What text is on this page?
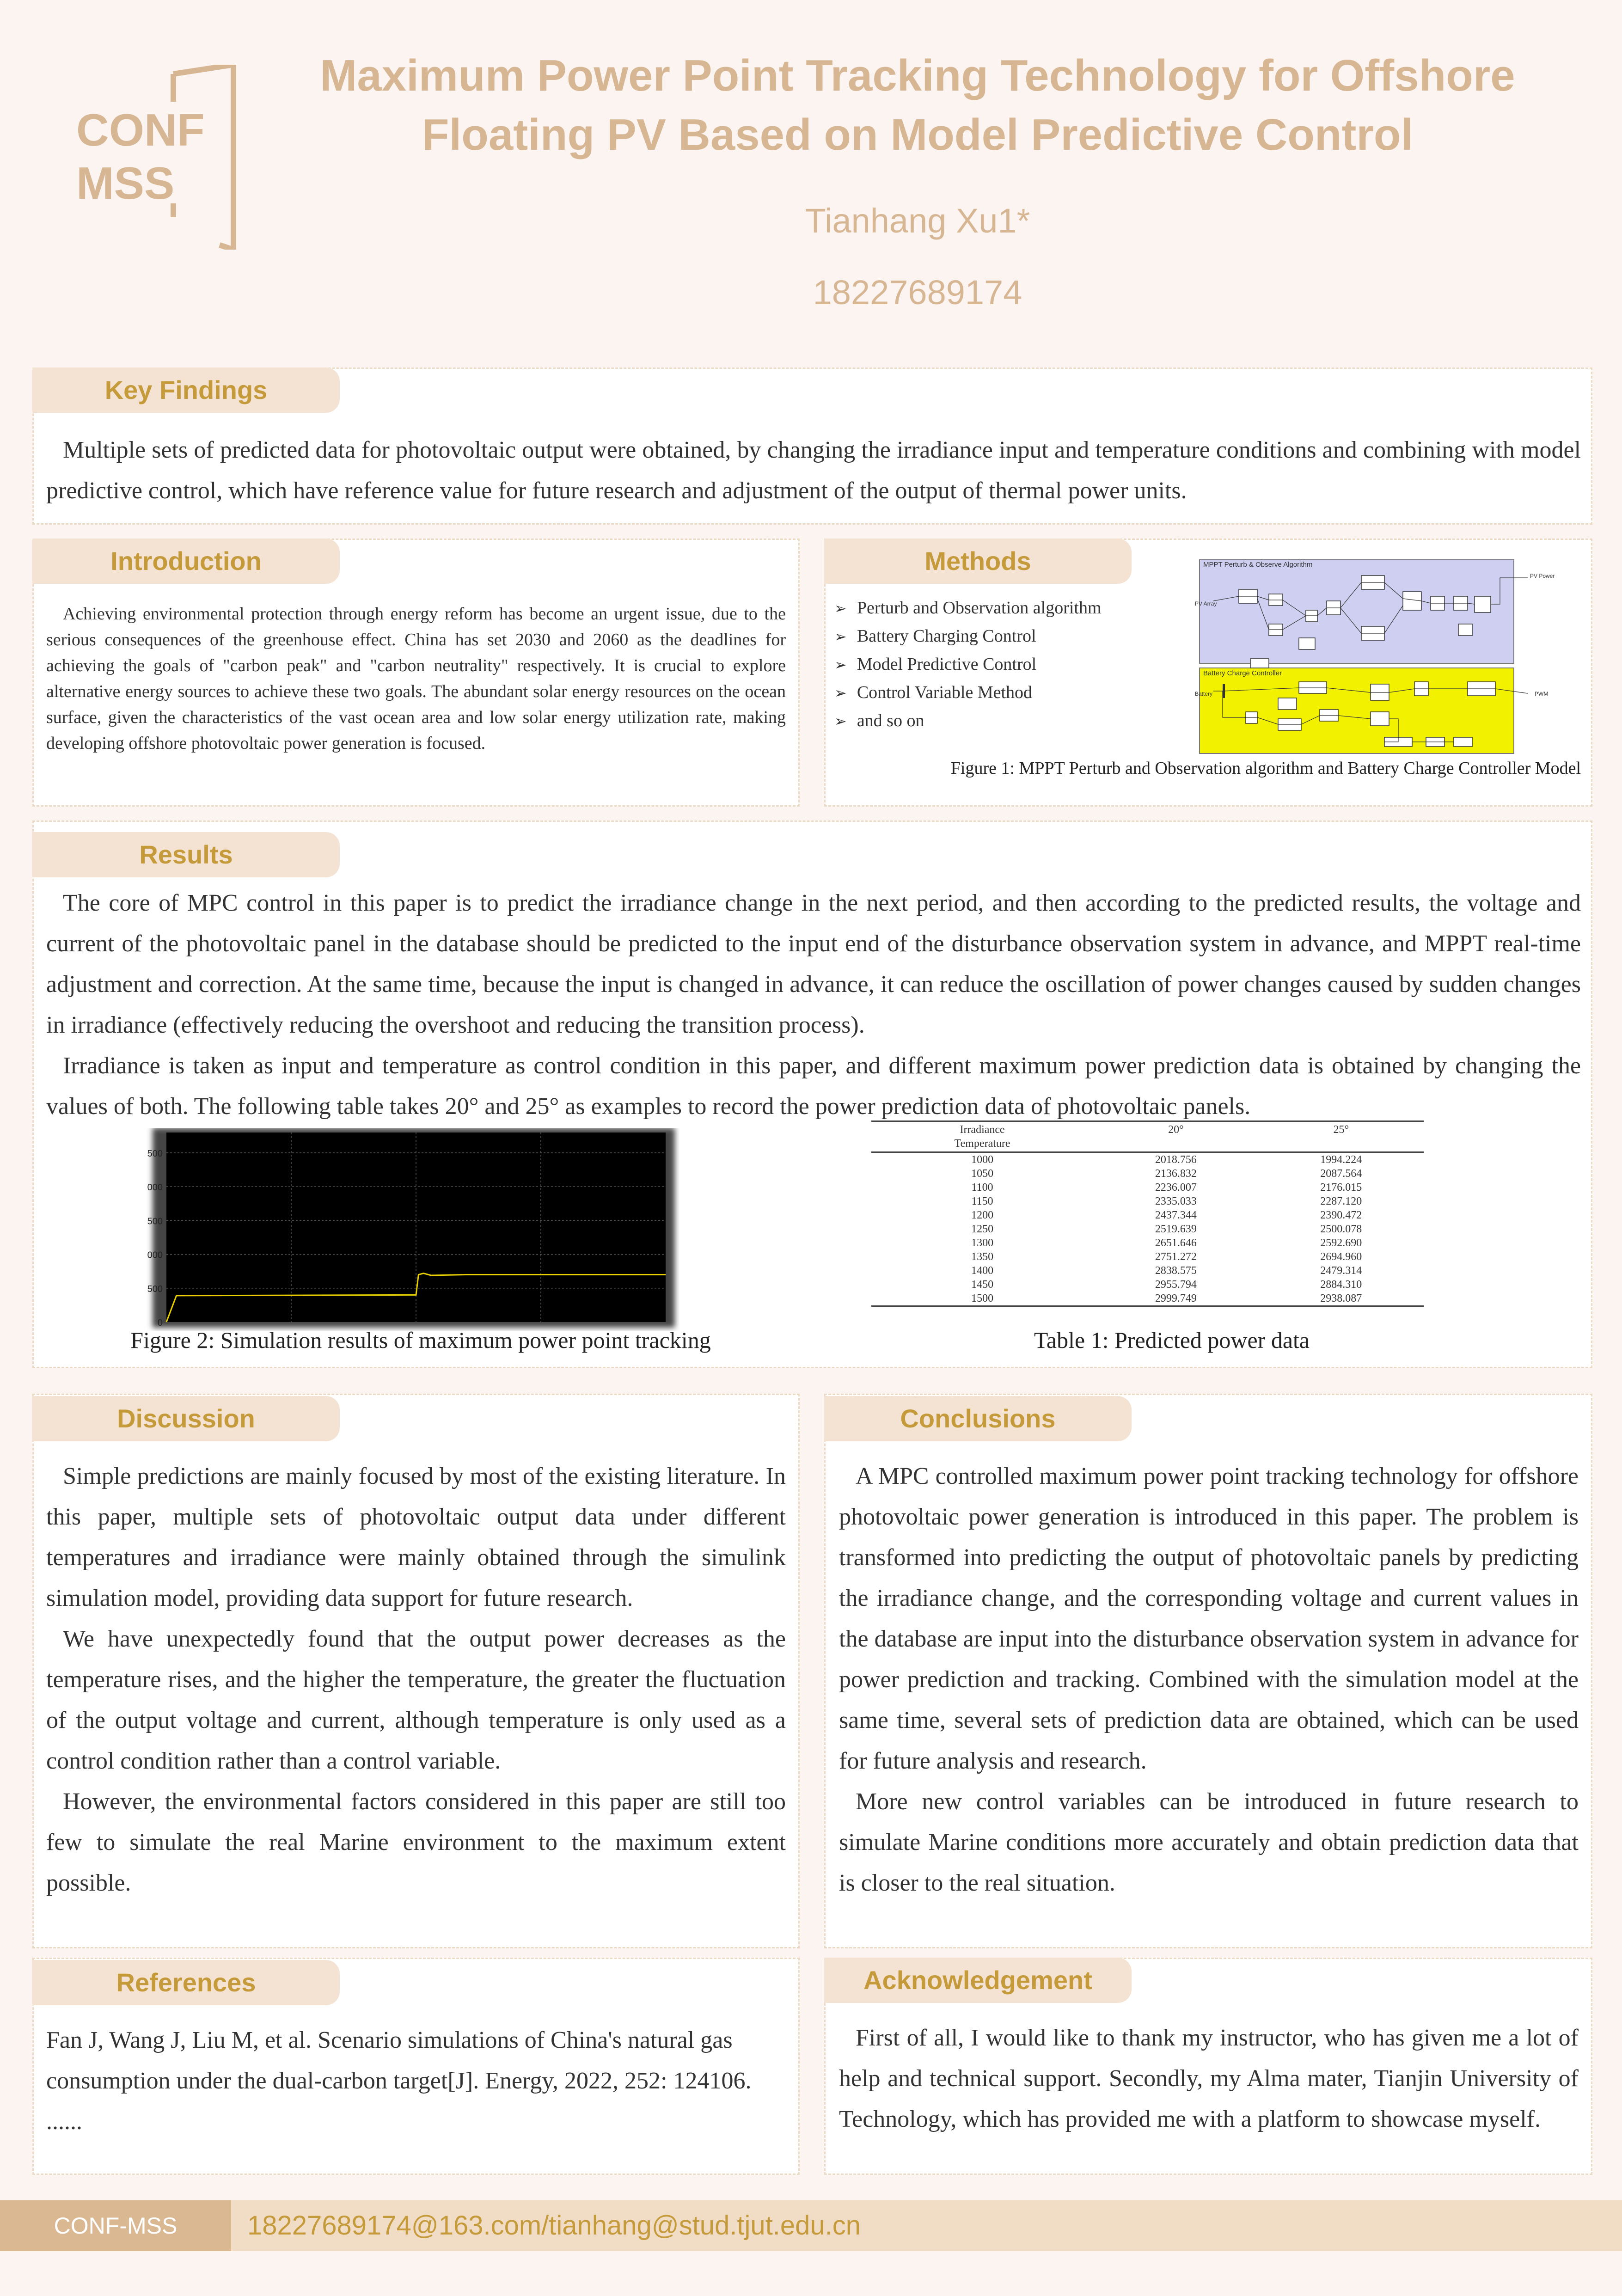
CONF
MSS
Maximum Power Point Tracking Technology for Offshore
Floating PV Based on Model Predictive Control
Tianhang Xu1*
18227689174
Key Findings

Multiple sets of predicted data for photovoltaic output were obtained, by changing the irradiance input and temperature conditions and combining with model predictive control, which have reference value for future research and adjustment of the output of thermal power units.

Introduction

Achieving environmental protection through energy reform has become an urgent issue, due to the serious consequences of the greenhouse effect. China has set 2030 and 2060 as the deadlines for achieving the goals of "carbon peak" and "carbon neutrality" respectively. It is crucial to explore alternative energy sources to achieve these two goals. The abundant solar energy resources on the ocean surface, given the characteristics of the vast ocean area and low solar energy utilization rate, making developing offshore photovoltaic power generation is focused.

Methods
➢ Perturb and Observation algorithm
➢ Battery Charging Control
➢ Model Predictive Control
➢ Control Variable Method
➢ and so on
MPPT Perturb & Observe Algorithm
Battery Charge Controller
PV Array
PV Power
Battery	PWM
Figure 1: MPPT Perturb and Observation algorithm and Battery Charge Controller Model
Results

The core of MPC control in this paper is to predict the irradiance change in the next period, and then according to the predicted results, the voltage and current of the photovoltaic panel in the database should be predicted to the input end of the disturbance observation system in advance, and MPPT real-time adjustment and correction. At the same time, because the input is changed in advance, it can reduce the oscillation of power changes caused by sudden changes in irradiance (effectively reducing the overshoot and reducing the transition process).

Irradiance is taken as input and temperature as control condition in this paper, and different maximum power prediction data is obtained by changing the values of both. The following table takes 20° and 25° as examples to record the power prediction data of photovoltaic panels.

0
500
000
500
000
500
Figure 2: Simulation results of maximum power point tracking
Irradiance
Temperature	20°	25°
1000	2018.756	1994.224
1050	2136.832	2087.564
1100	2236.007	2176.015
1150	2335.033	2287.120
1200	2437.344	2390.472
1250	2519.639	2500.078
1300	2651.646	2592.690
1350	2751.272	2694.960
1400	2838.575	2479.314
1450	2955.794	2884.310
1500	2999.749	2938.087
Table 1: Predicted power data
Discussion

Simple predictions are mainly focused by most of the existing literature. In this paper, multiple sets of photovoltaic output data under different temperatures and irradiance were mainly obtained through the simulink simulation model, providing data support for future research.

We have unexpectedly found that the output power decreases as the temperature rises, and the higher the temperature, the greater the fluctuation of the output voltage and current, although temperature is only used as a control condition rather than a control variable.

However, the environmental factors considered in this paper are still too few to simulate the real Marine environment to the maximum extent possible.

Conclusions

A MPC controlled maximum power point tracking technology for offshore photovoltaic power generation is introduced in this paper. The problem is transformed into predicting the output of photovoltaic panels by predicting the irradiance change, and the corresponding voltage and current values in the database are input into the disturbance observation system in advance for power prediction and tracking. Combined with the simulation model at the same time, several sets of prediction data are obtained, which can be used for future analysis and research.

More new control variables can be introduced in future research to simulate Marine conditions more accurately and obtain prediction data that is closer to the real situation.

References
Fan J, Wang J, Liu M, et al. Scenario simulations of China's natural gas consumption under the dual-carbon target[J]. Energy, 2022, 252: 124106.
......
Acknowledgement

First of all, I would like to thank my instructor, who has given me a lot of help and technical support. Secondly, my Alma mater, Tianjin University of Technology, which has provided me with a platform to showcase myself.

CONF-MSS	18227689174@163.com/tianhang@stud.tjut.edu.cn
